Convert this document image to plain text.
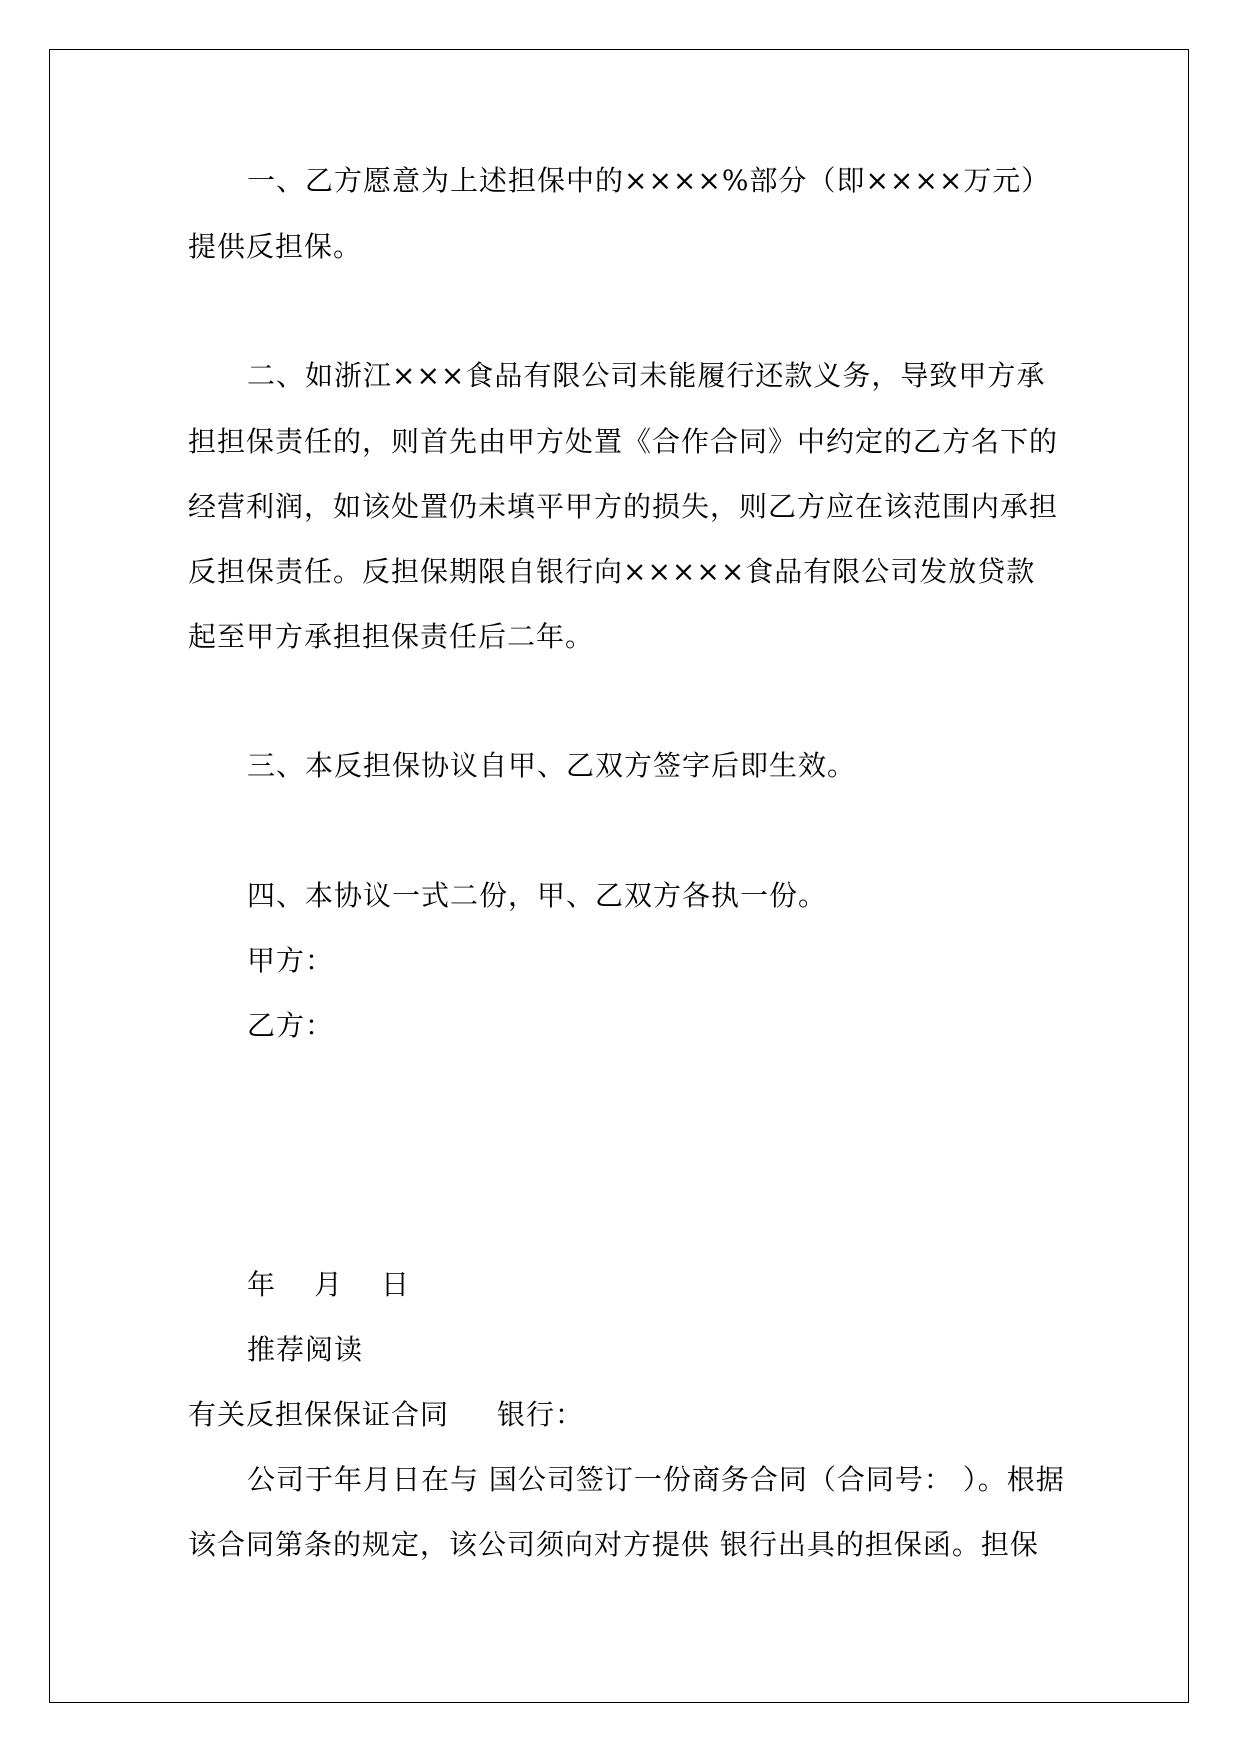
一、乙方愿意为上述担保中的××××%部分（即××××万元）
提供反担保。
二、如浙江×××食品有限公司未能履行还款义务，导致甲方承
担担保责任的，则首先由甲方处置《合作合同》中约定的乙方名下的
经营利润，如该处置仍未填平甲方的损失，则乙方应在该范围内承担
反担保责任。反担保期限自银行向×××××食品有限公司发放贷款
起至甲方承担担保责任后二年。
三、本反担保协议自甲、乙双方签字后即生效。
四、本协议一式二份，甲、乙双方各执一份。
甲方：
乙方：
年 月 日
推荐阅读
有关反担保保证合同 银行：
公司于年月日在与 国公司签订一份商务合同（合同号： ）。根据
该合同第条的规定，该公司须向对方提供 银行出具的担保函。担保
